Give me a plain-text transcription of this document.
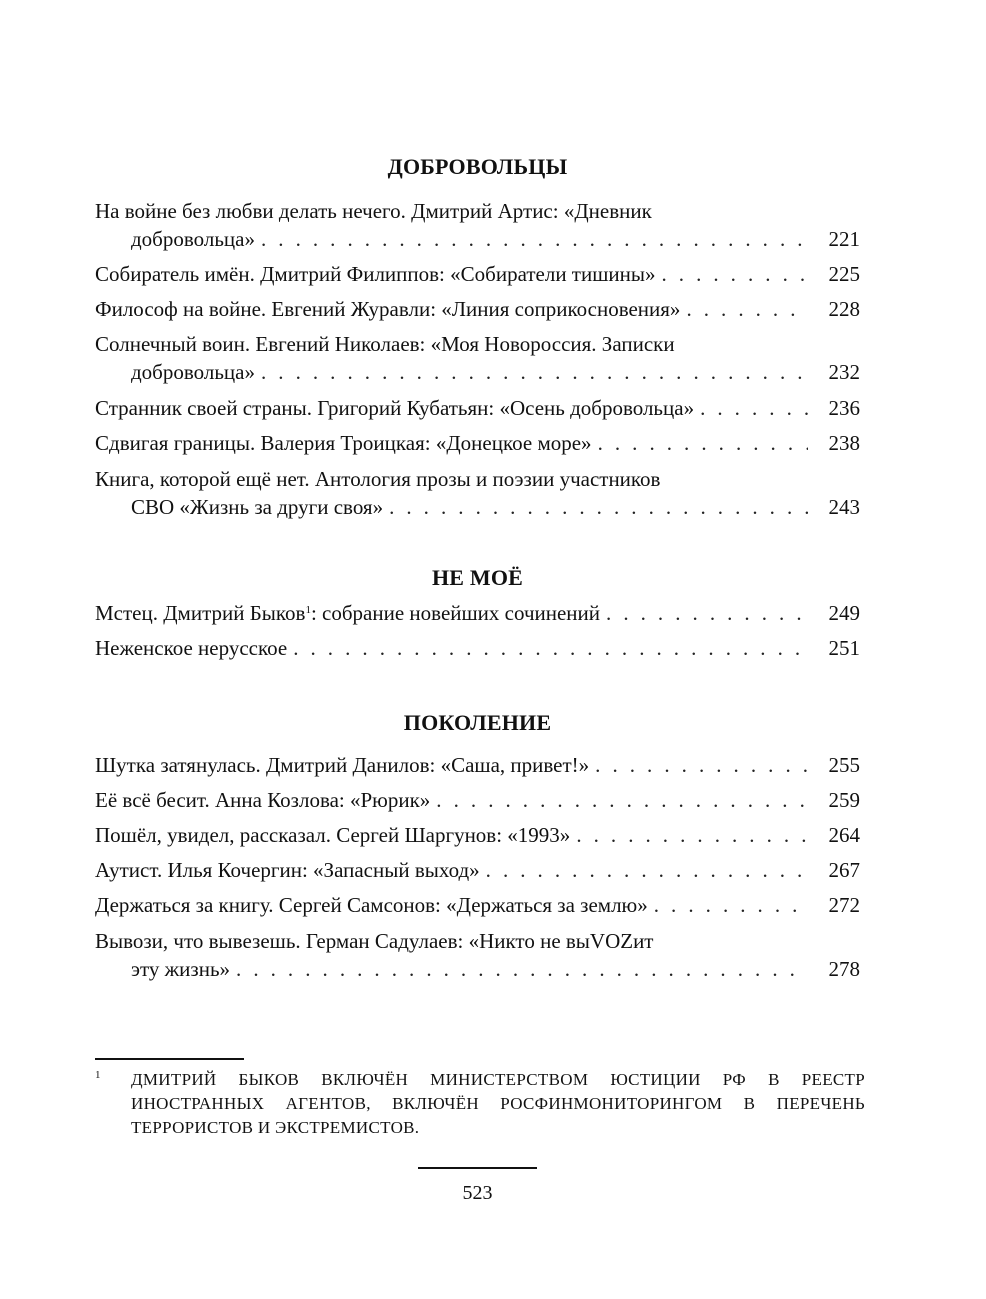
ДОБРОВОЛЬЦЫ
На войне без любви делать нечего. Дмитрий Артис: «Дневник
добровольца» . . .	221
Собиратель имён. Дмитрий Филиппов: «Собиратели тишины» . . .	225
Философ на войне. Евгений Журавли: «Линия соприкосновения» . . .	228
Солнечный воин. Евгений Николаев: «Моя Новороссия. Записки
добровольца» . . .	232
Странник своей страны. Григорий Кубатьян: «Осень добровольца» . . .	236
Сдвигая границы. Валерия Троицкая: «Донецкое море» . . .	238
Книга, которой ещё нет. Антология прозы и поэзии участников
СВО «Жизнь за други своя» . . .	243
НЕ МОЁ
Мстец. Дмитрий Быков$^1$: собрание новейших сочинений . . .	249
Неженское нерусское . . .	251
ПОКОЛЕНИЕ
Шутка затянулась. Дмитрий Данилов: «Саша, привет!» . . .	255
Её всё бесит. Анна Козлова: «Рюрик» . . .	259
Пошёл, увидел, рассказал. Сергей Шаргунов: «1993» . . .	264
Аутист. Илья Кочергин: «Запасный выход» . . .	267
Держаться за книгу. Сергей Самсонов: «Держаться за землю» . . .	272
Вывози, что вывезешь. Герман Садулаев: «Никто не выVOZит
эту жизнь» . . .	278
1 ДМИТРИЙ БЫКОВ ВКЛЮЧЁН МИНИСТЕРСТВОМ ЮСТИЦИИ РФ В РЕЕСТР ИНОСТРАННЫХ АГЕНТОВ, ВКЛЮЧЁН РОСФИНМОНИТОРИНГОМ В ПЕРЕЧЕНЬ ТЕРРОРИСТОВ И ЭКСТРЕМИСТОВ.
523
